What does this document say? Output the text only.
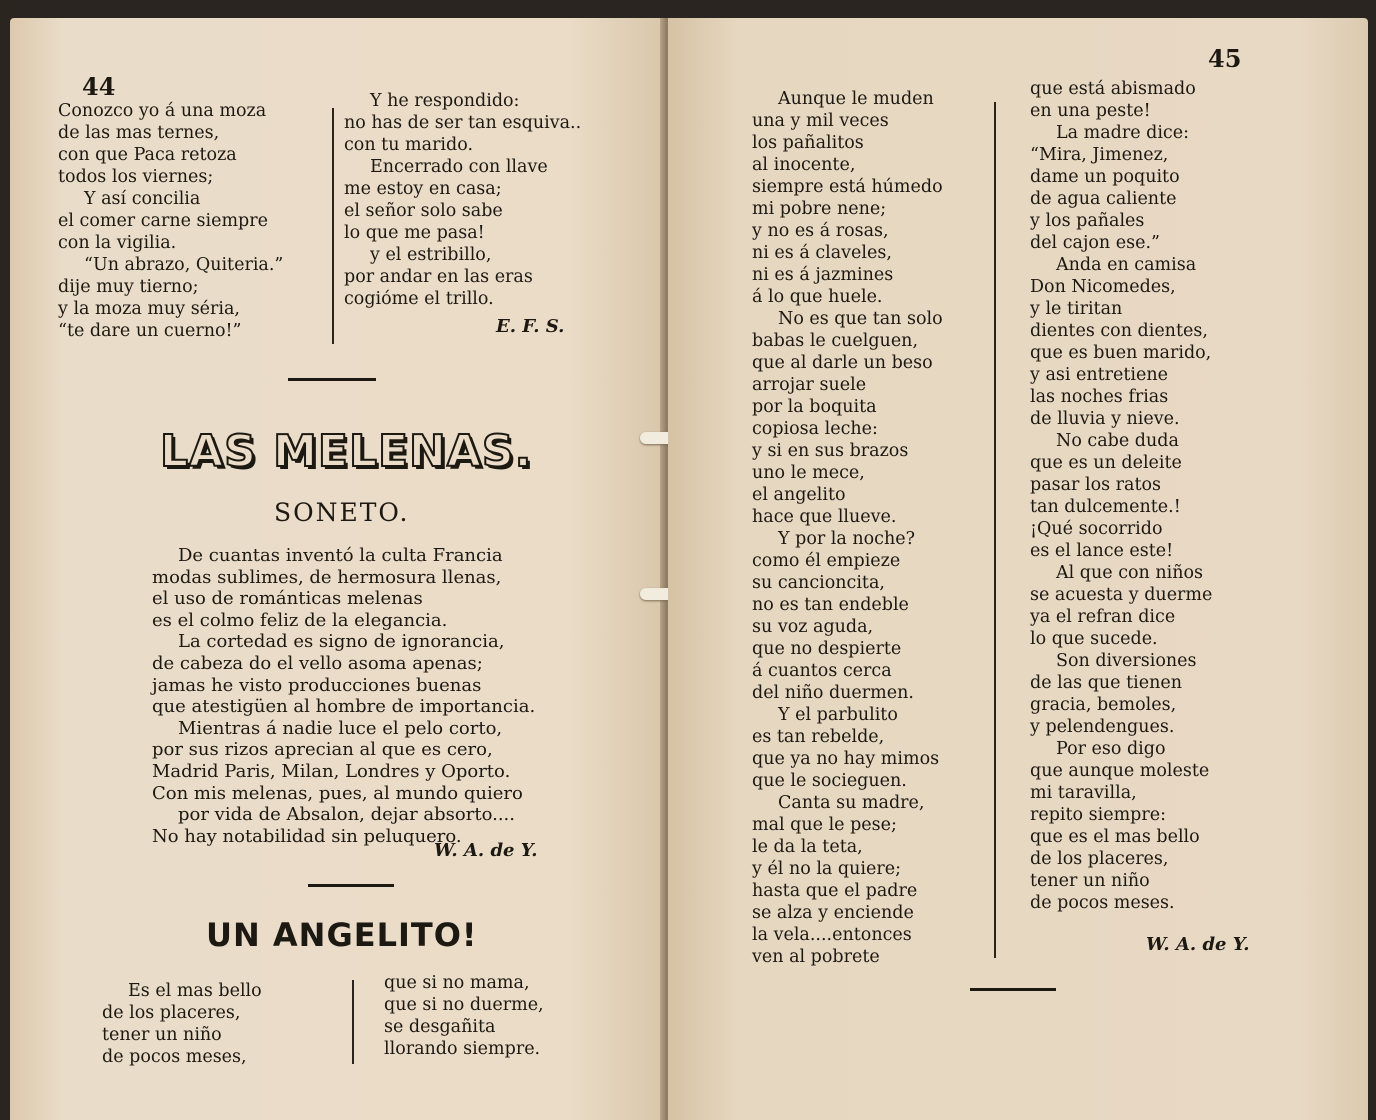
44
Conozco yo á una moza
de las mas ternes,
con que Paca retoza
todos los viernes;
Y así concilia
el comer carne siempre
con la vigilia.
“Un abrazo, Quiteria.”
dije muy tierno;
y la moza muy séria,
“te dare un cuerno!”
Y he respondido:
no has de ser tan esquiva..
con tu marido.
Encerrado con llave
me estoy en casa;
el señor solo sabe
lo que me pasa!
y el estribillo,
por andar en las eras
cogióme el trillo.
E. F. S.
LAS MELENAS.
SONETO.
De cuantas inventó la culta Francia
modas sublimes, de hermosura llenas,
el uso de románticas melenas
es el colmo feliz de la elegancia.
La cortedad es signo de ignorancia,
de cabeza do el vello asoma apenas;
jamas he visto producciones buenas
que atestigüen al hombre de importancia.
Mientras á nadie luce el pelo corto,
por sus rizos aprecian al que es cero,
Madrid Paris, Milan, Londres y Oporto.
Con mis melenas, pues, al mundo quiero
por vida de Absalon, dejar absorto....
No hay notabilidad sin peluquero.
W. A. de Y.
UN ANGELITO!
Es el mas bello
de los placeres,
tener un niño
de pocos meses,
que si no mama,
que si no duerme,
se desgañita
llorando siempre.
45
Aunque le muden
una y mil veces
los pañalitos
al inocente,
siempre está húmedo
mi pobre nene;
y no es á rosas,
ni es á claveles,
ni es á jazmines
á lo que huele.
No es que tan solo
babas le cuelguen,
que al darle un beso
arrojar suele
por la boquita
copiosa leche:
y si en sus brazos
uno le mece,
el angelito
hace que llueve.
Y por la noche?
como él empieze
su cancioncita,
no es tan endeble
su voz aguda,
que no despierte
á cuantos cerca
del niño duermen.
Y el parbulito
es tan rebelde,
que ya no hay mimos
que le socieguen.
Canta su madre,
mal que le pese;
le da la teta,
y él no la quiere;
hasta que el padre
se alza y enciende
la vela....entonces
ven al pobrete
que está abismado
en una peste!
La madre dice:
“Mira, Jimenez,
dame un poquito
de agua caliente
y los pañales
del cajon ese.”
Anda en camisa
Don Nicomedes,
y le tiritan
dientes con dientes,
que es buen marido,
y asi entretiene
las noches frias
de lluvia y nieve.
No cabe duda
que es un deleite
pasar los ratos
tan dulcemente.!
¡Qué socorrido
es el lance este!
Al que con niños
se acuesta y duerme
ya el refran dice
lo que sucede.
Son diversiones
de las que tienen
gracia, bemoles,
y pelendengues.
Por eso digo
que aunque moleste
mi taravilla,
repito siempre:
que es el mas bello
de los placeres,
tener un niño
de pocos meses.
W. A. de Y.
